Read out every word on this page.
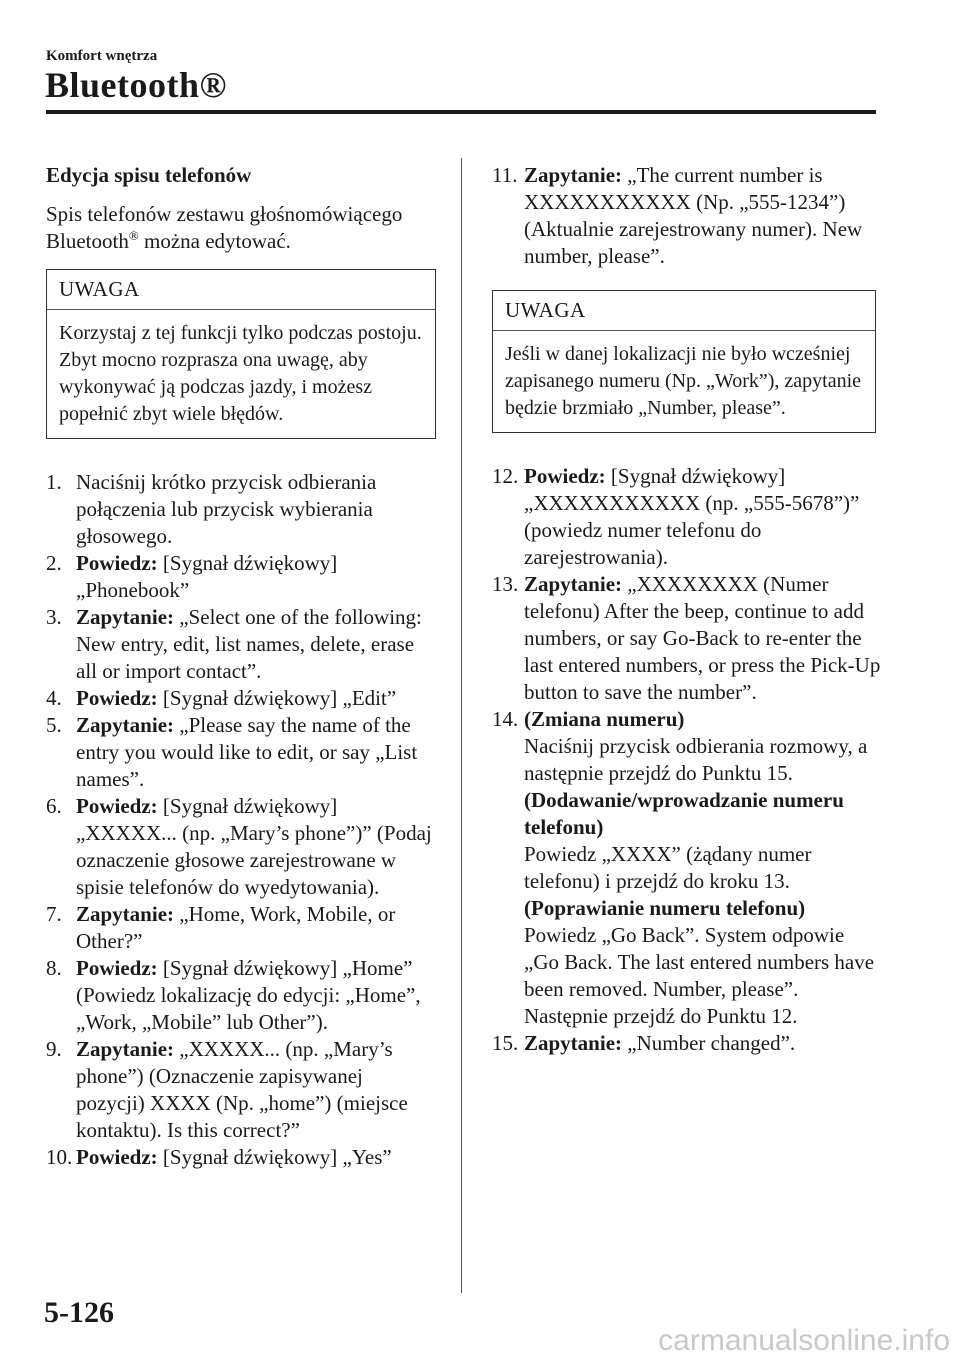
Komfort wnętrza
Bluetooth®
Edycja spisu telefonów

Spis telefonów zestawu głośnomówiącego Bluetooth® można edytować.

UWAGA
Korzystaj z tej funkcji tylko podczas postoju. Zbyt mocno rozprasza ona uwagę, aby wykonywać ją podczas jazdy, i możesz popełnić zbyt wiele błędów.
1. Naciśnij krótko przycisk odbierania połączenia lub przycisk wybierania głosowego.
2. Powiedz: [Sygnał dźwiękowy] „Phonebook”
3. Zapytanie: „Select one of the following: New entry, edit, list names, delete, erase all or import contact”.
4. Powiedz: [Sygnał dźwiękowy] „Edit”
5. Zapytanie: „Please say the name of the entry you would like to edit, or say „List names”.
6. Powiedz: [Sygnał dźwiękowy] „XXXXX... (np. „Mary’s phone”)” (Podaj oznaczenie głosowe zarejestrowane w spisie telefonów do wyedytowania).
7. Zapytanie: „Home, Work, Mobile, or Other?”
8. Powiedz: [Sygnał dźwiękowy] „Home” (Powiedz lokalizację do edycji: „Home”, „Work, „Mobile” lub Other”).
9. Zapytanie: „XXXXX... (np. „Mary’s phone”) (Oznaczenie zapisywanej pozycji) XXXX (Np. „home”) (miejsce kontaktu). Is this correct?”
10. Powiedz: [Sygnał dźwiękowy] „Yes”
11. Zapytanie: „The current number is XXXXXXXXXXX (Np. „555-1234”) (Aktualnie zarejestrowany numer). New number, please”.
UWAGA
Jeśli w danej lokalizacji nie było wcześniej zapisanego numeru (Np. „Work”), zapytanie będzie brzmiało „Number, please”.
12. Powiedz: [Sygnał dźwiękowy] „XXXXXXXXXXX (np. „555-5678”)” (powiedz numer telefonu do zarejestrowania).
13. Zapytanie: „XXXXXXXX (Numer telefonu) After the beep, continue to add numbers, or say Go-Back to re-enter the last entered numbers, or press the Pick-Up button to save the number”.
14. (Zmiana numeru)
Naciśnij przycisk odbierania rozmowy, a następnie przejdź do Punktu 15.
(Dodawanie/wprowadzanie numeru telefonu)
Powiedz „XXXX” (żądany numer telefonu) i przejdź do kroku 13.
(Poprawianie numeru telefonu)
Powiedz „Go Back”. System odpowie „Go Back. The last entered numbers have been removed. Number, please”. Następnie przejdź do Punktu 12.
15. Zapytanie: „Number changed”.
5-126
carmanualsonline.info
